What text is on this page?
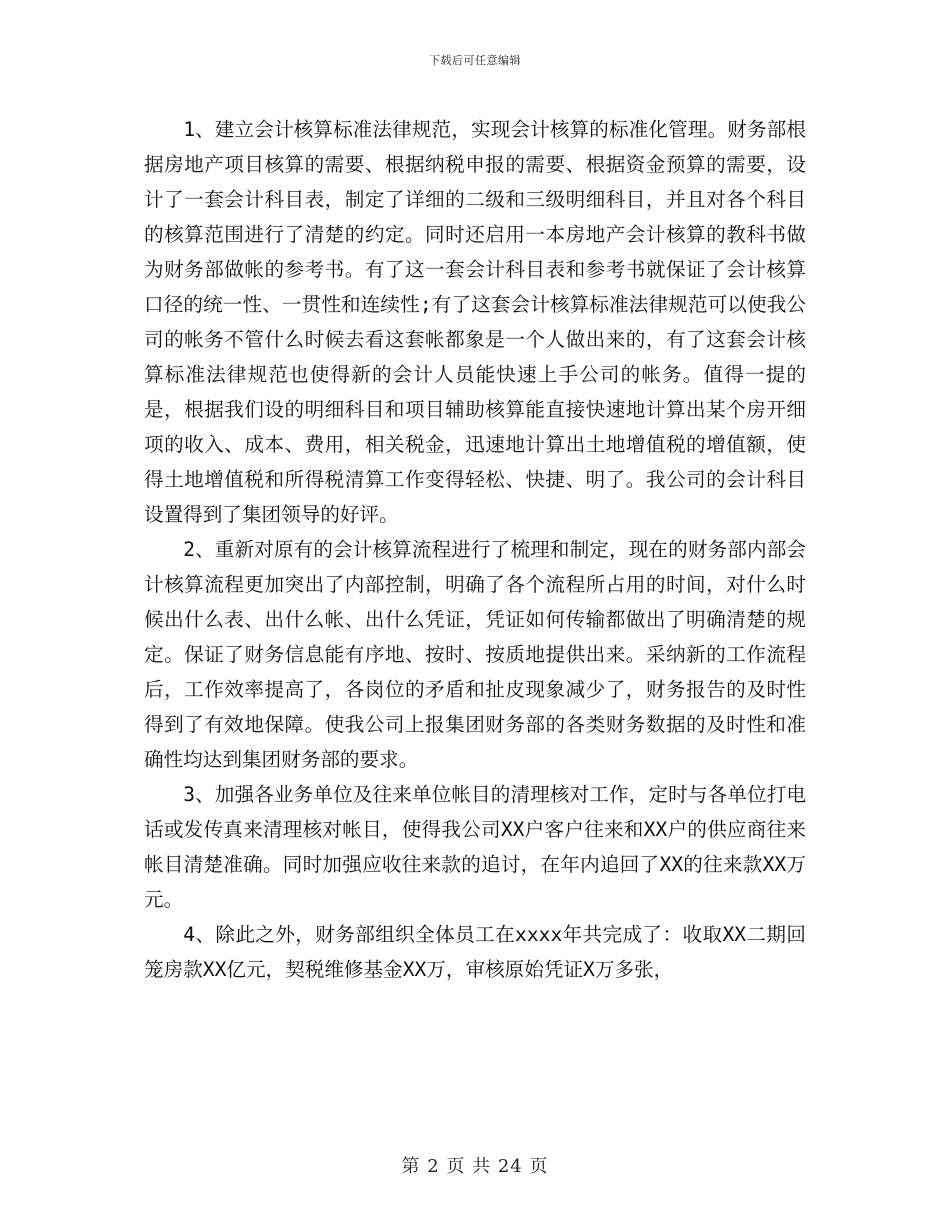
下载后可任意编辑

1、建立会计核算标准法律规范，实现会计核算的标准化管理。财务部根据房地产项目核算的需要、根据纳税申报的需要、根据资金预算的需要，设计了一套会计科目表，制定了详细的二级和三级明细科目，并且对各个科目的核算范围进行了清楚的约定。同时还启用一本房地产会计核算的教科书做为财务部做帐的参考书。有了这一套会计科目表和参考书就保证了会计核算口径的统一性、一贯性和连续性;有了这套会计核算标准法律规范可以使我公司的帐务不管什么时候去看这套帐都象是一个人做出来的，有了这套会计核算标准法律规范也使得新的会计人员能快速上手公司的帐务。值得一提的是，根据我们设的明细科目和项目辅助核算能直接快速地计算出某个房开细项的收入、成本、费用，相关税金，迅速地计算出土地增值税的增值额，使得土地增值税和所得税清算工作变得轻松、快捷、明了。我公司的会计科目设置得到了集团领导的好评。

2、重新对原有的会计核算流程进行了梳理和制定，现在的财务部内部会计核算流程更加突出了内部控制，明确了各个流程所占用的时间，对什么时候出什么表、出什么帐、出什么凭证，凭证如何传输都做出了明确清楚的规定。保证了财务信息能有序地、按时、按质地提供出来。采纳新的工作流程后，工作效率提高了，各岗位的矛盾和扯皮现象减少了，财务报告的及时性得到了有效地保障。使我公司上报集团财务部的各类财务数据的及时性和准确性均达到集团财务部的要求。

3、加强各业务单位及往来单位帐目的清理核对工作，定时与各单位打电话或发传真来清理核对帐目，使得我公司XX户客户往来和XX户的供应商往来帐目清楚准确。同时加强应收往来款的追讨，在年内追回了XX的往来款XX万元。

4、除此之外，财务部组织全体员工在xxxx年共完成了：收取XX二期回笼房款XX亿元，契税维修基金XX万，审核原始凭证X万多张，

第 2 页 共 24 页
